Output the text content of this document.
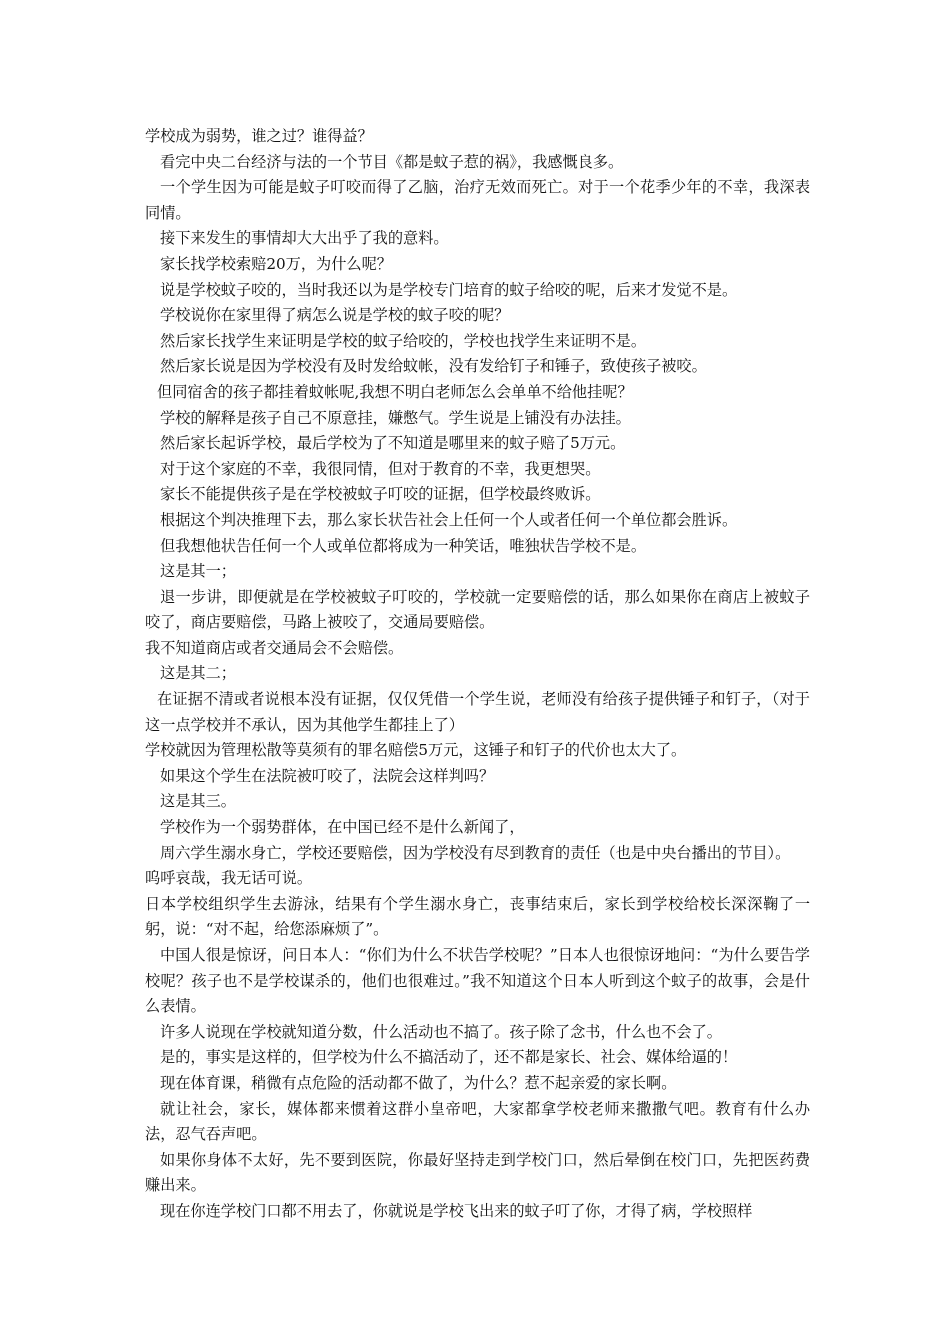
学校成为弱势，谁之过？谁得益？

看完中央二台经济与法的一个节目《都是蚊子惹的祸》，我感慨良多。

一个学生因为可能是蚊子叮咬而得了乙脑，治疗无效而死亡。对于一个花季少年的不幸，我深表同情。

接下来发生的事情却大大出乎了我的意料。

家长找学校索赔20万，为什么呢？

说是学校蚊子咬的，当时我还以为是学校专门培育的蚊子给咬的呢，后来才发觉不是。

学校说你在家里得了病怎么说是学校的蚊子咬的呢？

然后家长找学生来证明是学校的蚊子给咬的，学校也找学生来证明不是。

然后家长说是因为学校没有及时发给蚊帐，没有发给钉子和锤子，致使孩子被咬。

但同宿舍的孩子都挂着蚊帐呢,我想不明白老师怎么会单单不给他挂呢？

学校的解释是孩子自己不原意挂，嫌憋气。学生说是上铺没有办法挂。

然后家长起诉学校，最后学校为了不知道是哪里来的蚊子赔了5万元。

对于这个家庭的不幸，我很同情，但对于教育的不幸，我更想哭。

家长不能提供孩子是在学校被蚊子叮咬的证据，但学校最终败诉。

根据这个判决推理下去，那么家长状告社会上任何一个人或者任何一个单位都会胜诉。

但我想他状告任何一个人或单位都将成为一种笑话，唯独状告学校不是。

这是其一；

退一步讲，即便就是在学校被蚊子叮咬的，学校就一定要赔偿的话，那么如果你在商店上被蚊子咬了，商店要赔偿，马路上被咬了，交通局要赔偿。

我不知道商店或者交通局会不会赔偿。

这是其二；

在证据不清或者说根本没有证据，仅仅凭借一个学生说，老师没有给孩子提供锤子和钉子，（对于这一点学校并不承认，因为其他学生都挂上了）

学校就因为管理松散等莫须有的罪名赔偿5万元，这锤子和钉子的代价也太大了。

如果这个学生在法院被叮咬了，法院会这样判吗？

这是其三。

学校作为一个弱势群体，在中国已经不是什么新闻了，

周六学生溺水身亡，学校还要赔偿，因为学校没有尽到教育的责任（也是中央台播出的节目）。

呜呼哀哉，我无话可说。

日本学校组织学生去游泳，结果有个学生溺水身亡，丧事结束后，家长到学校给校长深深鞠了一躬，说：“对不起，给您添麻烦了”。

中国人很是惊讶，问日本人：“你们为什么不状告学校呢？”日本人也很惊讶地问：“为什么要告学校呢？孩子也不是学校谋杀的，他们也很难过。”我不知道这个日本人听到这个蚊子的故事，会是什么表情。

许多人说现在学校就知道分数，什么活动也不搞了。孩子除了念书，什么也不会了。

是的，事实是这样的，但学校为什么不搞活动了，还不都是家长、社会、媒体给逼的！

现在体育课，稍微有点危险的活动都不做了，为什么？惹不起亲爱的家长啊。

就让社会，家长，媒体都来惯着这群小皇帝吧，大家都拿学校老师来撒撒气吧。教育有什么办法，忍气吞声吧。

如果你身体不太好，先不要到医院，你最好坚持走到学校门口，然后晕倒在校门口，先把医药费赚出来。

现在你连学校门口都不用去了，你就说是学校飞出来的蚊子叮了你，才得了病，学校照样
